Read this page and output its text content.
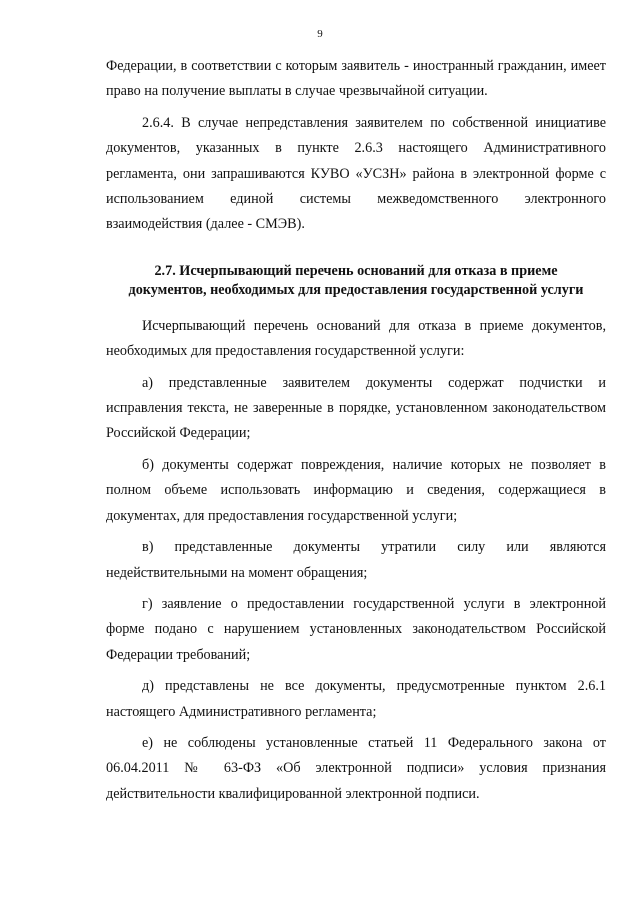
9

Федерации, в соответствии с которым заявитель - иностранный гражданин, имеет право на получение выплаты в случае чрезвычайной ситуации.

2.6.4. В случае непредставления заявителем по собственной инициативе документов, указанных в пункте 2.6.3 настоящего Административного регламента, они запрашиваются КУВО «УСЗН» района в электронной форме с использованием единой системы межведомственного электронного взаимодействия (далее - СМЭВ).

2.7. Исчерпывающий перечень оснований для отказа в приеме
документов, необходимых для предоставления государственной услуги

Исчерпывающий перечень оснований для отказа в приеме документов, необходимых для предоставления государственной услуги:

а) представленные заявителем документы содержат подчистки и исправления текста, не заверенные в порядке, установленном законодательством Российской Федерации;

б) документы содержат повреждения, наличие которых не позволяет в полном объеме использовать информацию и сведения, содержащиеся в документах, для предоставления государственной услуги;

в) представленные документы утратили силу или являются недействительными на момент обращения;

г) заявление о предоставлении государственной услуги в электронной форме подано с нарушением установленных законодательством Российской Федерации требований;

д) представлены не все документы, предусмотренные пунктом 2.6.1 настоящего Административного регламента;

е) не соблюдены установленные статьей 11 Федерального закона от 06.04.2011 № 63-ФЗ «Об электронной подписи» условия признания действительности квалифицированной электронной подписи.
